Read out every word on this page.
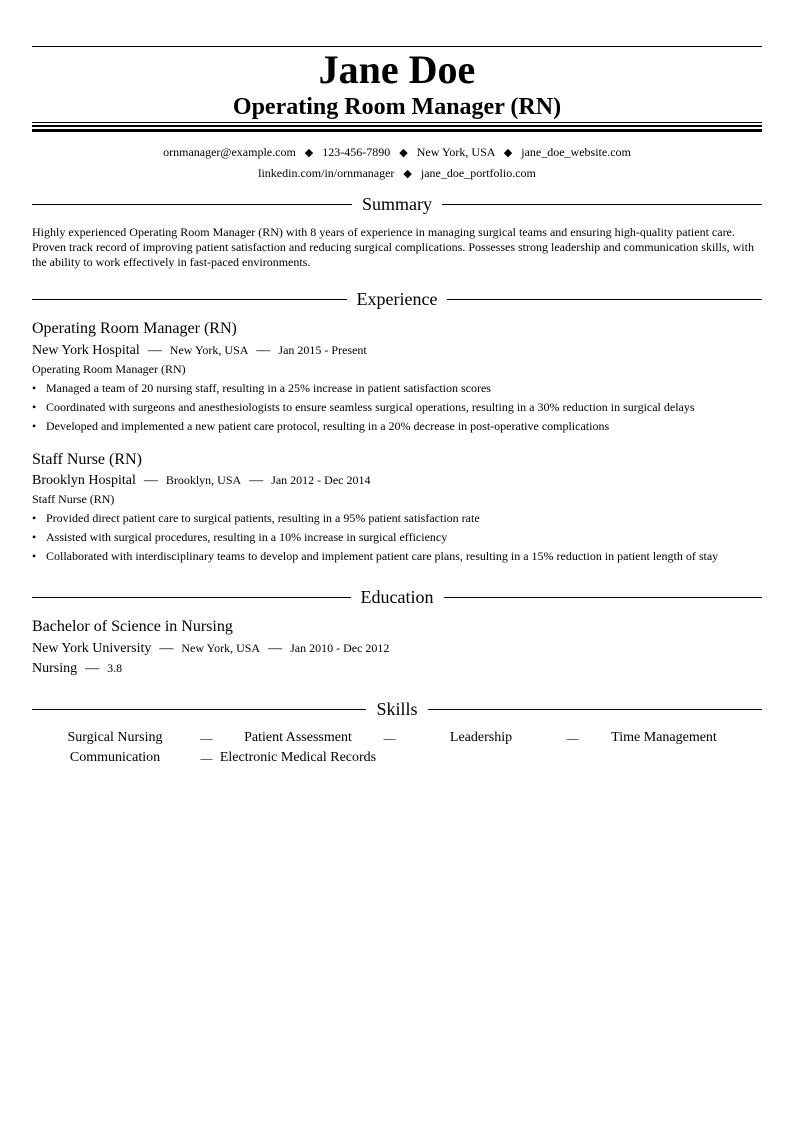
Jane Doe
Operating Room Manager (RN)
ornmanager@example.com ◆ 123-456-7890 ◆ New York, USA ◆ jane_doe_website.com
linkedin.com/in/ornmanager ◆ jane_doe_portfolio.com
Summary
Highly experienced Operating Room Manager (RN) with 8 years of experience in managing surgical teams and ensuring high-quality patient care. Proven track record of improving patient satisfaction and reducing surgical complications. Possesses strong leadership and communication skills, with the ability to work effectively in fast-paced environments.
Experience
Operating Room Manager (RN)
New York Hospital — New York, USA — Jan 2015 - Present
Operating Room Manager (RN)
• Managed a team of 20 nursing staff, resulting in a 25% increase in patient satisfaction scores
• Coordinated with surgeons and anesthesiologists to ensure seamless surgical operations, resulting in a 30% reduction in surgical delays
• Developed and implemented a new patient care protocol, resulting in a 20% decrease in post-operative complications
Staff Nurse (RN)
Brooklyn Hospital — Brooklyn, USA — Jan 2012 - Dec 2014
Staff Nurse (RN)
• Provided direct patient care to surgical patients, resulting in a 95% patient satisfaction rate
• Assisted with surgical procedures, resulting in a 10% increase in surgical efficiency
• Collaborated with interdisciplinary teams to develop and implement patient care plans, resulting in a 15% reduction in patient length of stay
Education
Bachelor of Science in Nursing
New York University — New York, USA — Jan 2010 - Dec 2012
Nursing — 3.8
Skills
Surgical Nursing	—	Patient Assessment	—	Leadership	—	Time Management
Communication	— Electronic Medical Records
